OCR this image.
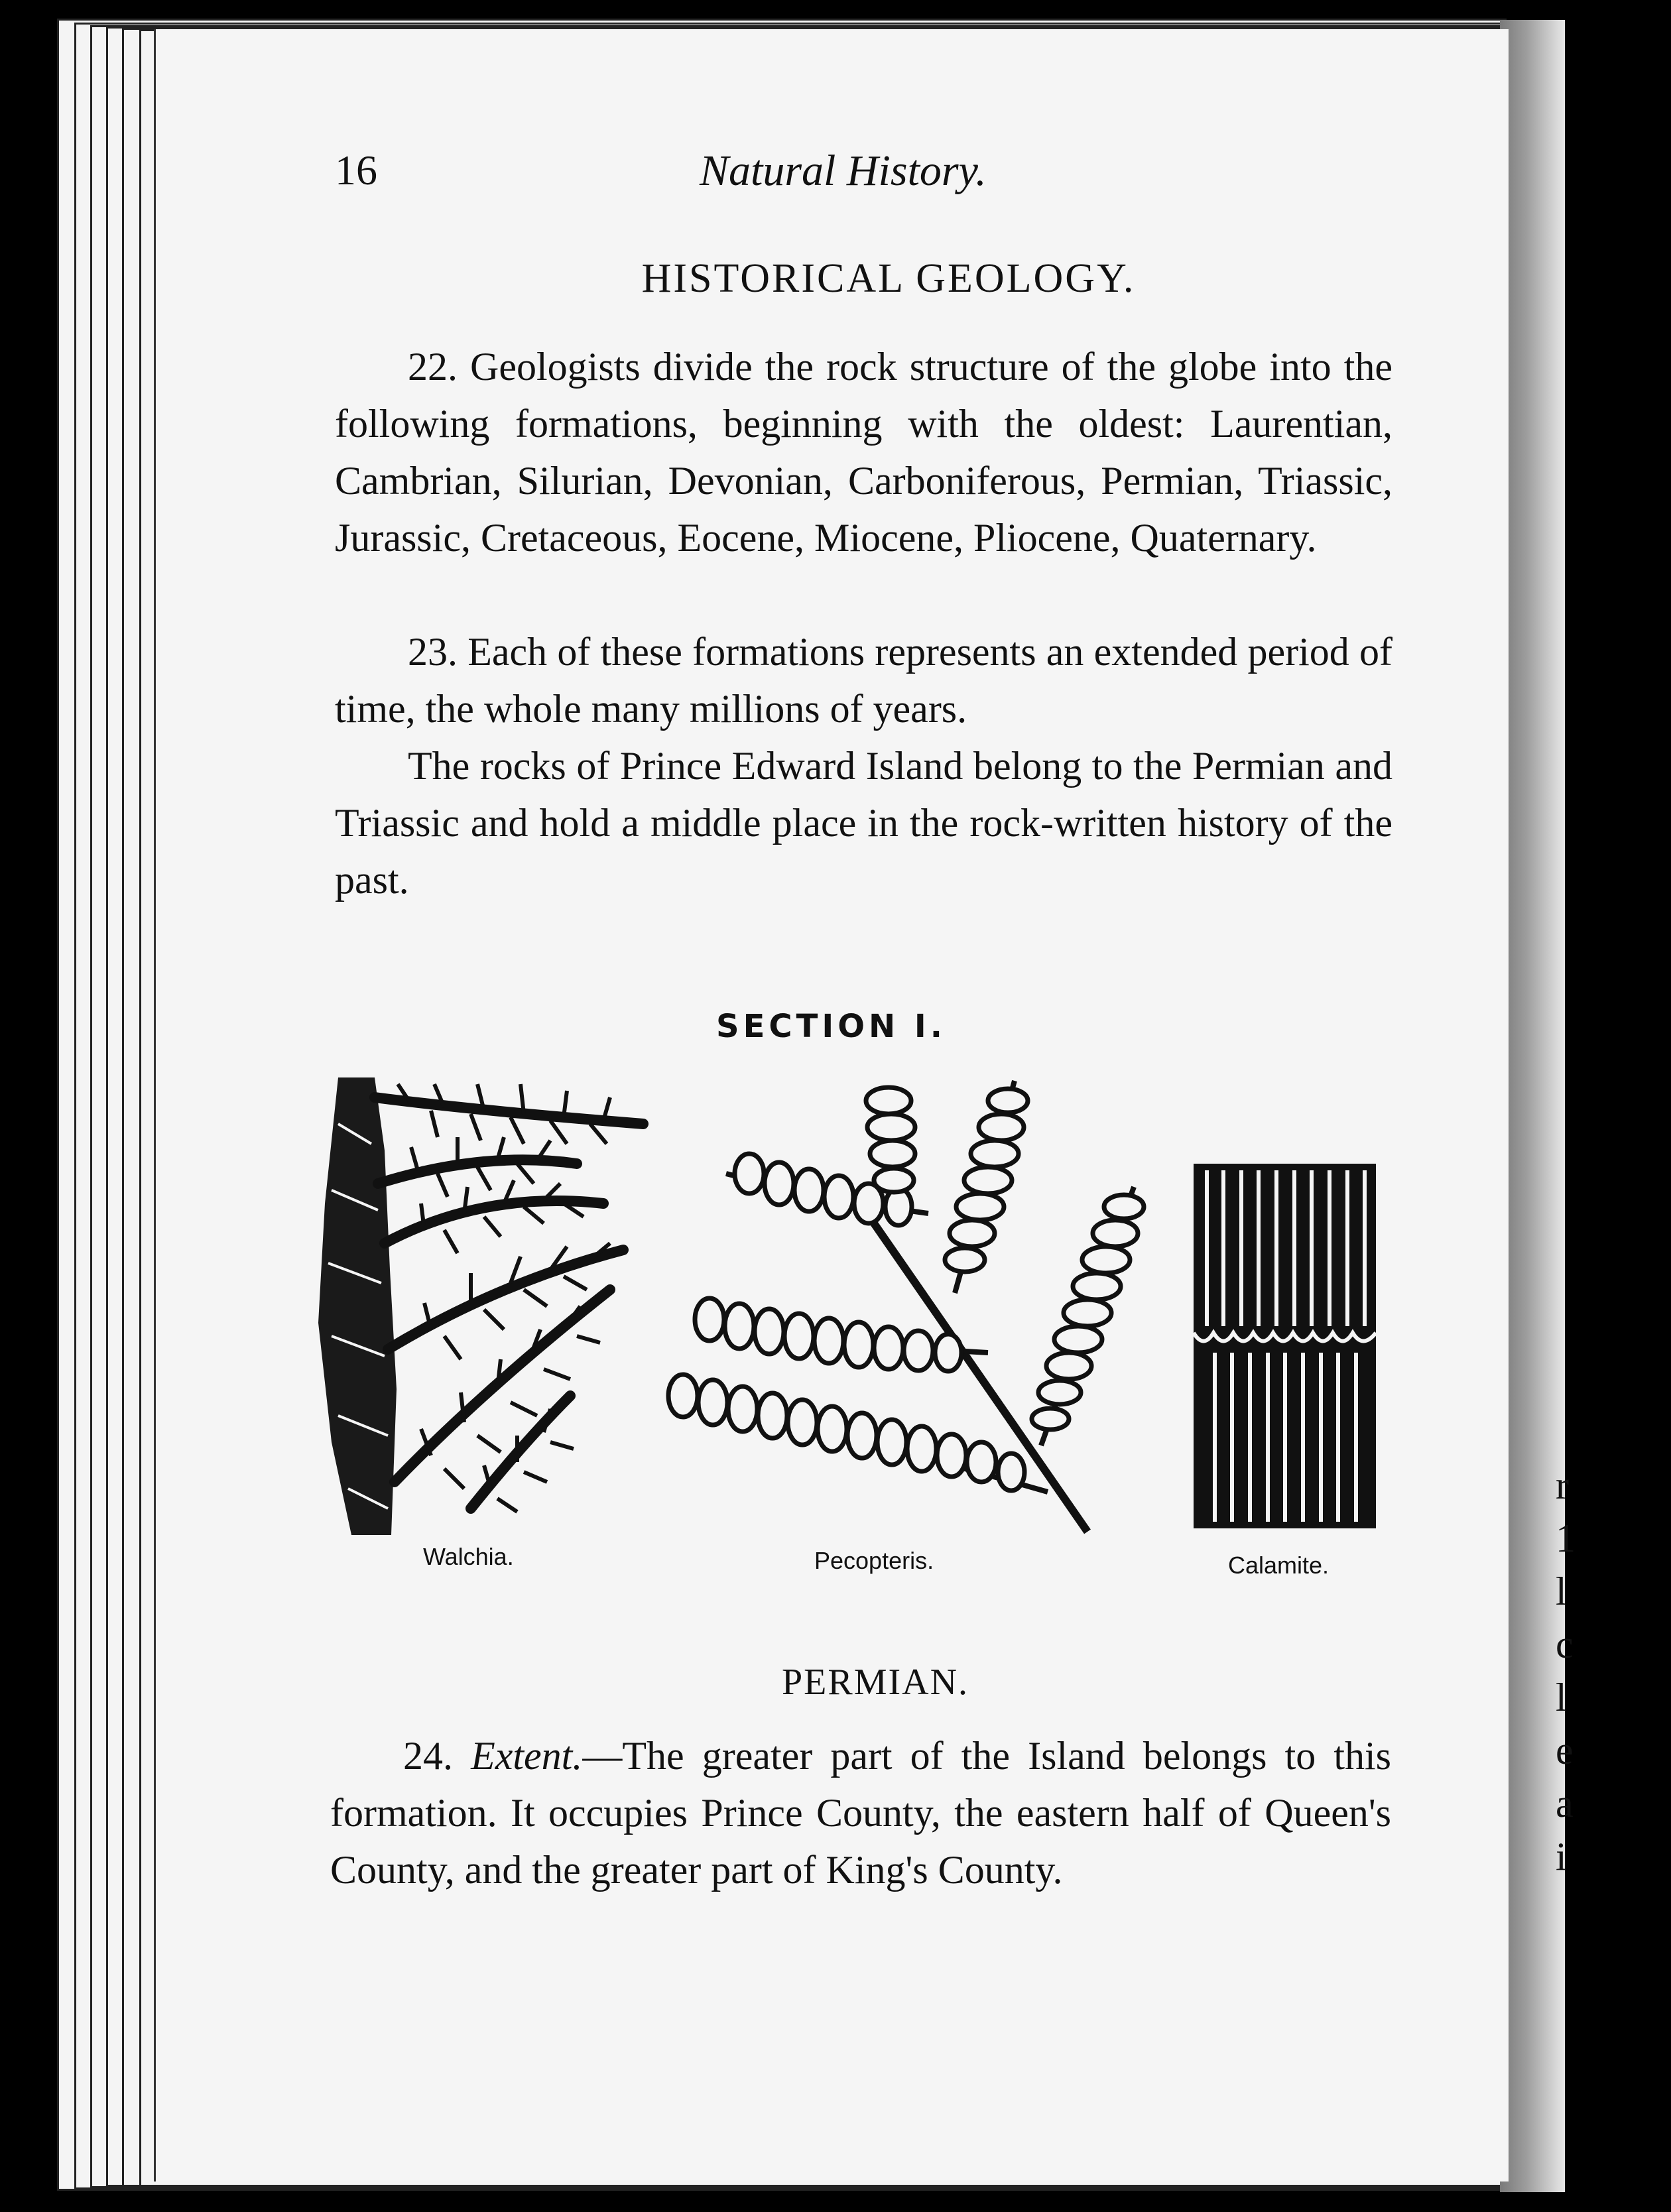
r
1
l
c
l
e
a
i
16	Natural History.
HISTORICAL GEOLOGY.

22. Geologists divide the rock structure of the globe into the following formations, beginning with the oldest: Laurentian, Cambrian, Silurian, Devonian, Carboniferous, Permian, Triassic, Jurassic, Cretaceous, Eocene, Miocene, Pliocene, Quaternary.

23. Each of these formations represents an extended period of time, the whole many millions of years.

The rocks of Prince Edward Island belong to the Permian and Triassic and hold a middle place in the rock-written history of the past.

SECTION I.
Walchia.	Pecopteris.	Calamite.
PERMIAN.

24. Extent.—The greater part of the Island belongs to this formation. It occupies Prince County, the eastern half of Queen's County, and the greater part of King's County.
